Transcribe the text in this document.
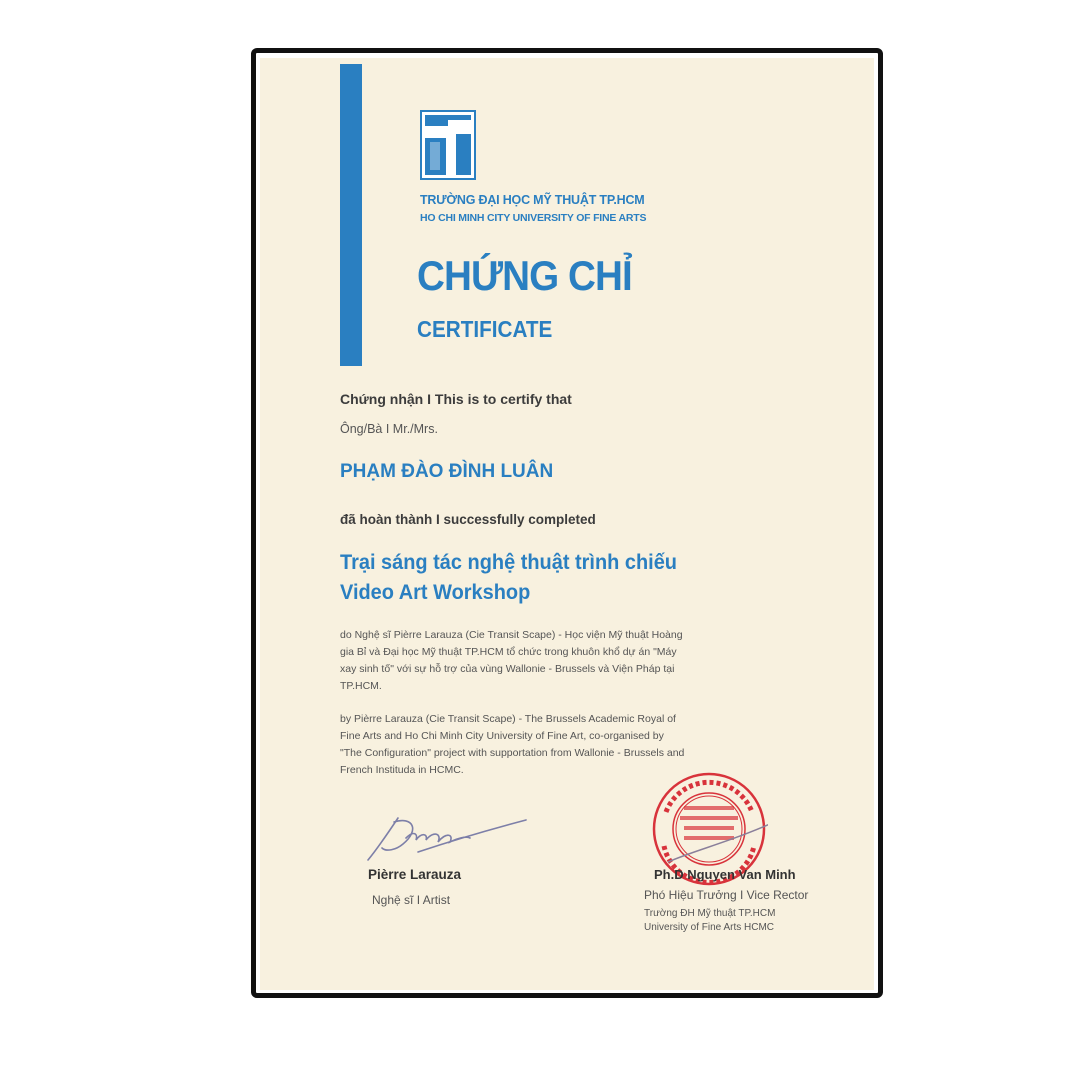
TRƯỜNG ĐẠI HỌC MỸ THUẬT TP.HCM
HO CHI MINH CITY UNIVERSITY OF FINE ARTS
CHỨNG CHỈ
CERTIFICATE
Chứng nhận I This is to certify that
Ông/Bà I Mr./Mrs.
PHẠM ĐÀO ĐÌNH LUÂN
đã hoàn thành I successfully completed
Trại sáng tác nghệ thuật trình chiếu
Video Art Workshop
do Nghệ sĩ Pièrre Larauza (Cie Transit Scape) - Học viện Mỹ thuật Hoàng gia Bỉ và Đại học Mỹ thuật TP.HCM tổ chức trong khuôn khổ dự án "Máy xay sinh tố" với sự hỗ trợ của vùng Wallonie - Brussels và Viện Pháp tại TP.HCM.
by Pièrre Larauza (Cie Transit Scape) - The Brussels Academic Royal of Fine Arts and Ho Chi Minh City University of Fine Art, co-organised by "The Configuration" project with supportation from Wallonie - Brussels and French Instituda in HCMC.
Pièrre Larauza
Nghệ sĩ I Artist
Ph.D Nguyen Van Minh
Phó Hiệu Trưởng I Vice Rector
Trường ĐH Mỹ thuật TP.HCM
University of Fine Arts HCMC
